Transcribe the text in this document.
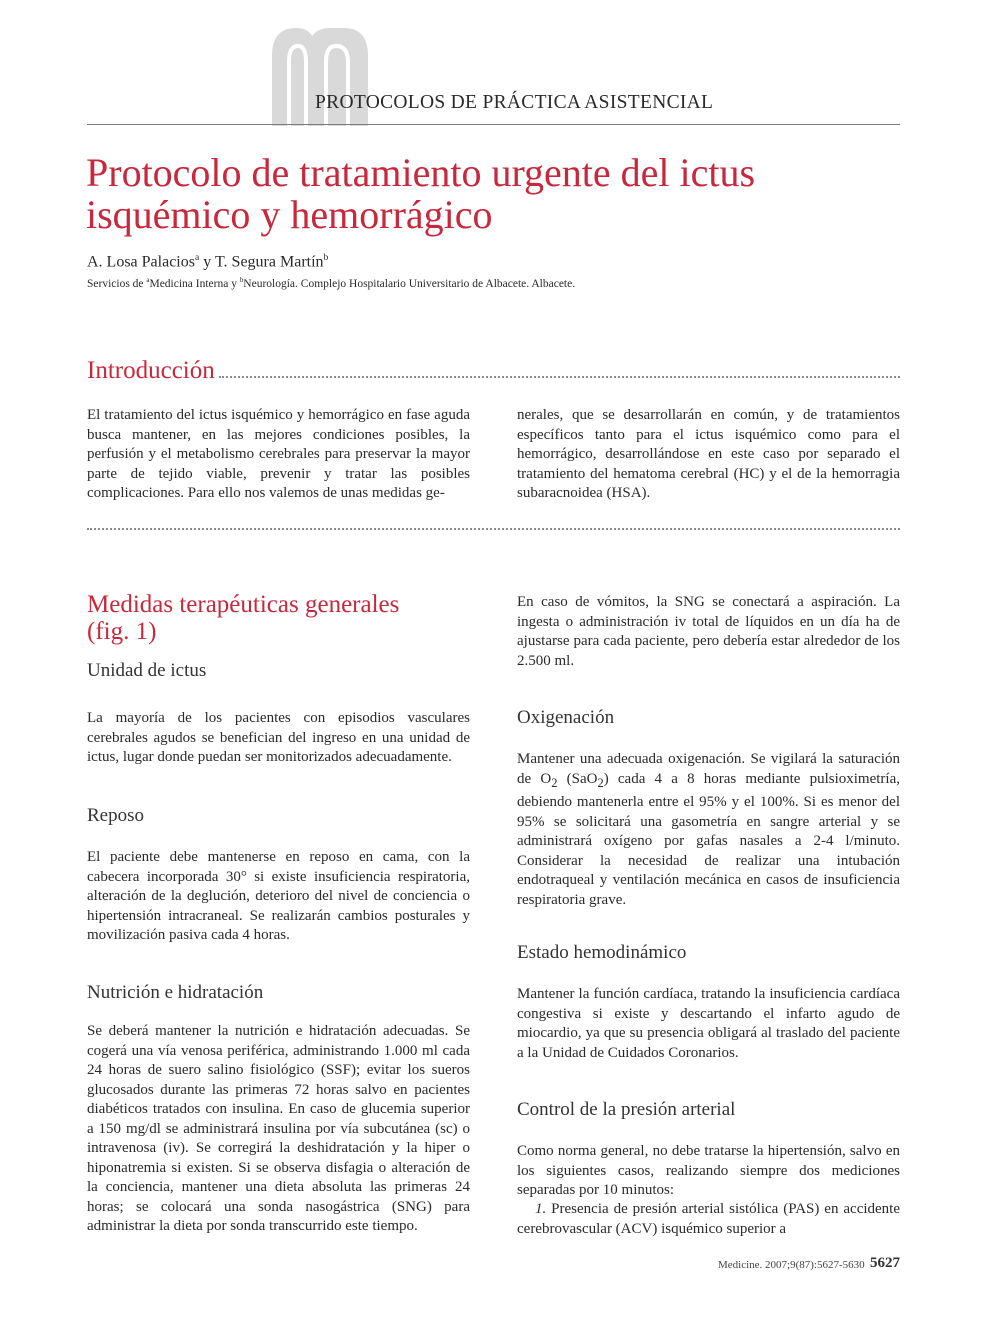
PROTOCOLOS DE PRÁCTICA ASISTENCIAL
Protocolo de tratamiento urgente del ictus isquémico y hemorrágico
A. Losa Palacios$^a$ y T. Segura Martín$^b$
Servicios de $^a$Medicina Interna y $^b$Neurología. Complejo Hospitalario Universitario de Albacete. Albacete.
Introducción

El tratamiento del ictus isquémico y hemorrágico en fase aguda busca mantener, en las mejores condiciones posibles, la perfusión y el metabolismo cerebrales para preservar la mayor parte de tejido viable, prevenir y tratar las posibles complicaciones. Para ello nos valemos de unas medidas ge-

nerales, que se desarrollarán en común, y de tratamientos específicos tanto para el ictus isquémico como para el hemorrágico, desarrollándose en este caso por separado el tratamiento del hematoma cerebral (HC) y el de la hemorragia subaracnoidea (HSA).

Medidas terapéuticas generales
(fig. 1)
Unidad de ictus

La mayoría de los pacientes con episodios vasculares cerebrales agudos se benefician del ingreso en una unidad de ictus, lugar donde puedan ser monitorizados adecuadamente.

Reposo

El paciente debe mantenerse en reposo en cama, con la cabecera incorporada 30° si existe insuficiencia respiratoria, alteración de la deglución, deterioro del nivel de conciencia o hipertensión intracraneal. Se realizarán cambios posturales y movilización pasiva cada 4 horas.

Nutrición e hidratación

Se deberá mantener la nutrición e hidratación adecuadas. Se cogerá una vía venosa periférica, administrando 1.000 ml cada 24 horas de suero salino fisiológico (SSF); evitar los sueros glucosados durante las primeras 72 horas salvo en pacientes diabéticos tratados con insulina. En caso de glucemia superior a 150 mg/dl se administrará insulina por vía subcutánea (sc) o intravenosa (iv). Se corregirá la deshidratación y la hiper o hiponatremia si existen. Si se observa disfagia o alteración de la conciencia, mantener una dieta absoluta las primeras 24 horas; se colocará una sonda nasogástrica (SNG) para administrar la dieta por sonda transcurrido este tiempo.

En caso de vómitos, la SNG se conectará a aspiración. La ingesta o administración iv total de líquidos en un día ha de ajustarse para cada paciente, pero debería estar alrededor de los 2.500 ml.

Oxigenación

Mantener una adecuada oxigenación. Se vigilará la saturación de $O_2$ (SaO$_2$) cada 4 a 8 horas mediante pulsioximetría, debiendo mantenerla entre el 95% y el 100%. Si es menor del 95% se solicitará una gasometría en sangre arterial y se administrará oxígeno por gafas nasales a 2-4 l/minuto. Considerar la necesidad de realizar una intubación endotraqueal y ventilación mecánica en casos de insuficiencia respiratoria grave.

Estado hemodinámico

Mantener la función cardíaca, tratando la insuficiencia cardíaca congestiva si existe y descartando el infarto agudo de miocardio, ya que su presencia obligará al traslado del paciente a la Unidad de Cuidados Coronarios.

Control de la presión arterial

Como norma general, no debe tratarse la hipertensión, salvo en los siguientes casos, realizando siempre dos mediciones separadas por 10 minutos:

1. Presencia de presión arterial sistólica (PAS) en accidente cerebrovascular (ACV) isquémico superior a

Medicine. 2007;9(87):5627-5630 5627
